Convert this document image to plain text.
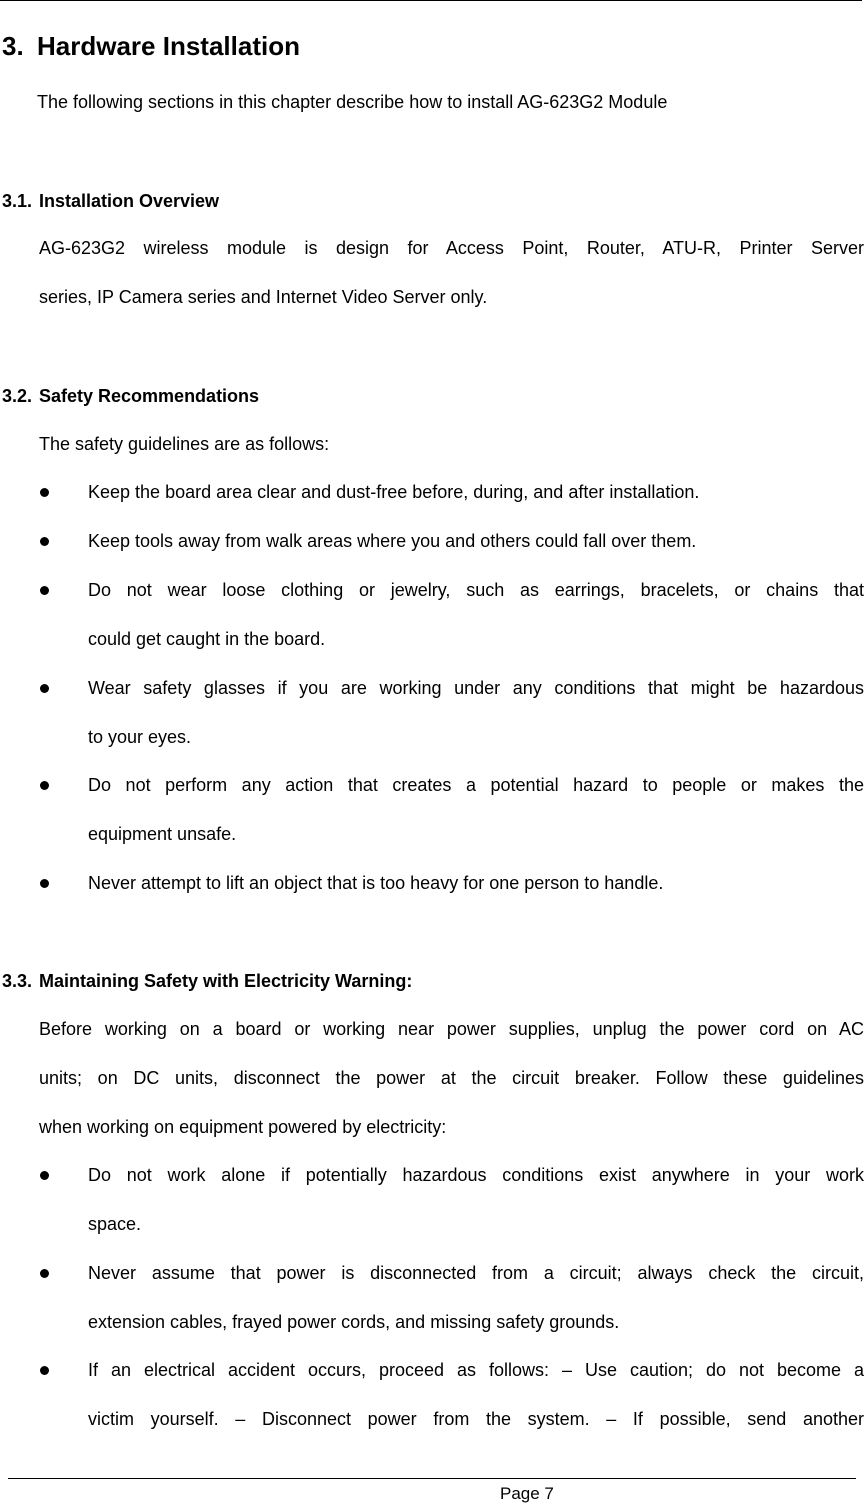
3. Hardware Installation
The following sections in this chapter describe how to install AG-623G2 Module
3.1. Installation Overview
AG-623G2 wireless module is design for Access Point, Router, ATU-R, Printer Server
series, IP Camera series and Internet Video Server only.
3.2. Safety Recommendations
The safety guidelines are as follows:
Keep the board area clear and dust-free before, during, and after installation.
Keep tools away from walk areas where you and others could fall over them.
Do not wear loose clothing or jewelry, such as earrings, bracelets, or chains that
could get caught in the board.
Wear safety glasses if you are working under any conditions that might be hazardous
to your eyes.
Do not perform any action that creates a potential hazard to people or makes the
equipment unsafe.
Never attempt to lift an object that is too heavy for one person to handle.
3.3. Maintaining Safety with Electricity Warning:
Before working on a board or working near power supplies, unplug the power cord on AC
units; on DC units, disconnect the power at the circuit breaker. Follow these guidelines
when working on equipment powered by electricity:
Do not work alone if potentially hazardous conditions exist anywhere in your work
space.
Never assume that power is disconnected from a circuit; always check the circuit,
extension cables, frayed power cords, and missing safety grounds.
If an electrical accident occurs, proceed as follows: – Use caution; do not become a
victim yourself. – Disconnect power from the system. – If possible, send another
Page 7
